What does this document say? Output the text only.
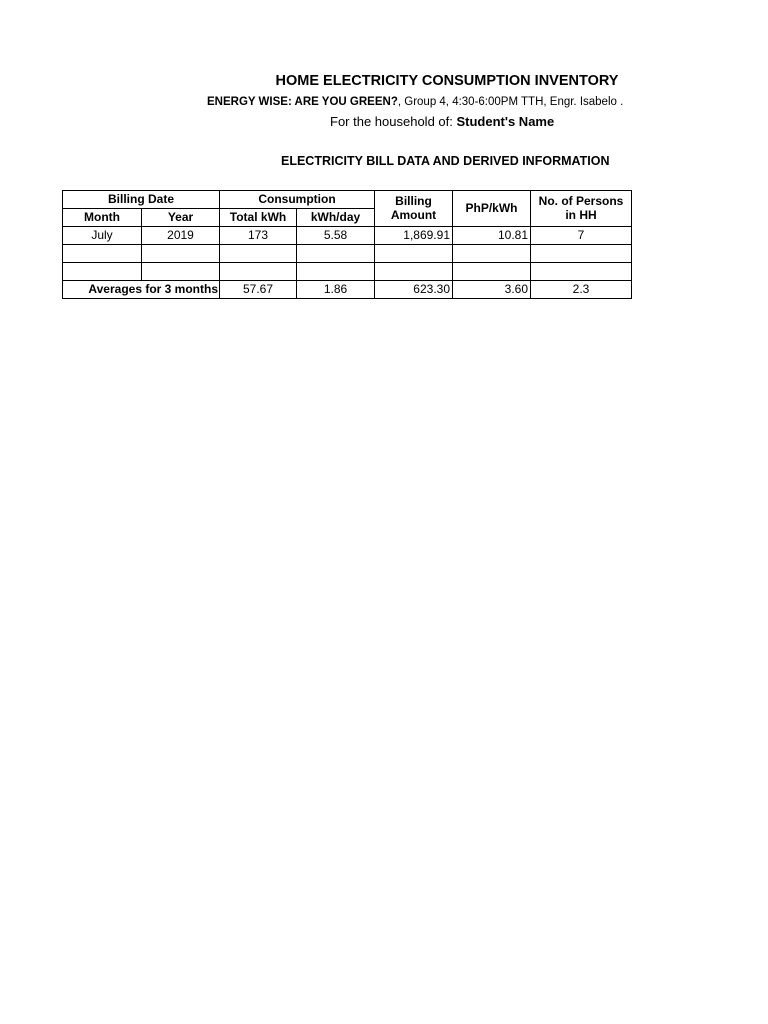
HOME ELECTRICITY CONSUMPTION INVENTORY
ENERGY WISE: ARE YOU GREEN?, Group 4, 4:30-6:00PM TTH, Engr. Isabelo .
For the household of: Student's Name
ELECTRICITY BILL DATA AND DERIVED INFORMATION
Billing Date		Consumption		Billing Amount	PhP/kWh	No. of Persons in HH
Month	Year	Total kWh	kWh/day			
July	2019	173	5.58	1,869.91	10.81	7

Averages for 3 months		57.67	1.86	623.30	3.60	2.3
